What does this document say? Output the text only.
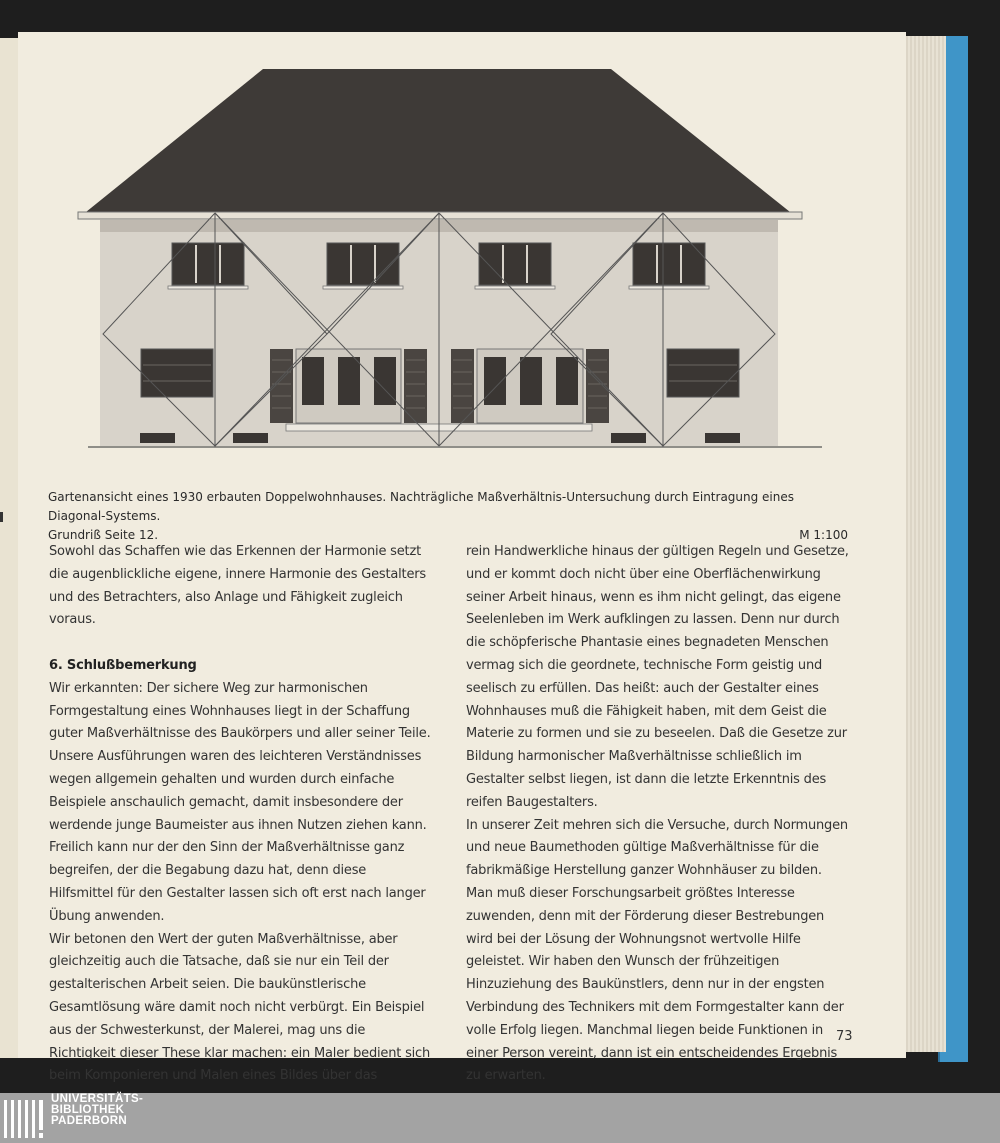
Gartenansicht eines 1930 erbauten Doppelwohnhauses. Nachträgliche Maßverhältnis-Untersuchung durch Eintragung eines Diagonal-Systems.
Grundriß Seite 12.	M 1:100

Sowohl das Schaffen wie das Erkennen der Harmonie setzt die augenblickliche eigene, innere Harmonie des Gestalters und des Betrachters, also Anlage und Fähigkeit zugleich voraus.

6. Schlußbemerkung

Wir erkannten: Der sichere Weg zur harmonischen Formgestaltung eines Wohnhauses liegt in der Schaffung guter Maßverhältnisse des Baukörpers und aller seiner Teile. Unsere Ausführungen waren des leichteren Verständnisses wegen allgemein gehalten und wurden durch einfache Beispiele anschaulich gemacht, damit insbesondere der werdende junge Baumeister aus ihnen Nutzen ziehen kann. Freilich kann nur der den Sinn der Maßverhältnisse ganz begreifen, der die Begabung dazu hat, denn diese Hilfsmittel für den Gestalter lassen sich oft erst nach langer Übung anwenden.

Wir betonen den Wert der guten Maßverhältnisse, aber gleichzeitig auch die Tatsache, daß sie nur ein Teil der gestalterischen Arbeit seien. Die baukünstlerische Gesamtlösung wäre damit noch nicht verbürgt. Ein Beispiel aus der Schwesterkunst, der Malerei, mag uns die Richtigkeit dieser These klar machen: ein Maler bedient sich beim Komponieren und Malen eines Bildes über das

rein Handwerkliche hinaus der gültigen Regeln und Gesetze, und er kommt doch nicht über eine Oberflächenwirkung seiner Arbeit hinaus, wenn es ihm nicht gelingt, das eigene Seelenleben im Werk aufklingen zu lassen. Denn nur durch die schöpferische Phantasie eines begnadeten Menschen vermag sich die geordnete, technische Form geistig und seelisch zu erfüllen. Das heißt: auch der Gestalter eines Wohnhauses muß die Fähigkeit haben, mit dem Geist die Materie zu formen und sie zu beseelen. Daß die Gesetze zur Bildung harmonischer Maßverhältnisse schließlich im Gestalter selbst liegen, ist dann die letzte Erkenntnis des reifen Baugestalters.

In unserer Zeit mehren sich die Versuche, durch Normungen und neue Baumethoden gültige Maßverhältnisse für die fabrikmäßige Herstellung ganzer Wohnhäuser zu bilden. Man muß dieser Forschungsarbeit größtes Interesse zuwenden, denn mit der Förderung dieser Bestrebungen wird bei der Lösung der Wohnungsnot wertvolle Hilfe geleistet. Wir haben den Wunsch der frühzeitigen Hinzuziehung des Baukünstlers, denn nur in der engsten Verbindung des Technikers mit dem Formgestalter kann der volle Erfolg liegen. Manchmal liegen beide Funktionen in einer Person vereint, dann ist ein entscheidendes Ergebnis zu erwarten.

73
UNIVERSITÄTS-
BIBLIOTHEK
PADERBORN
